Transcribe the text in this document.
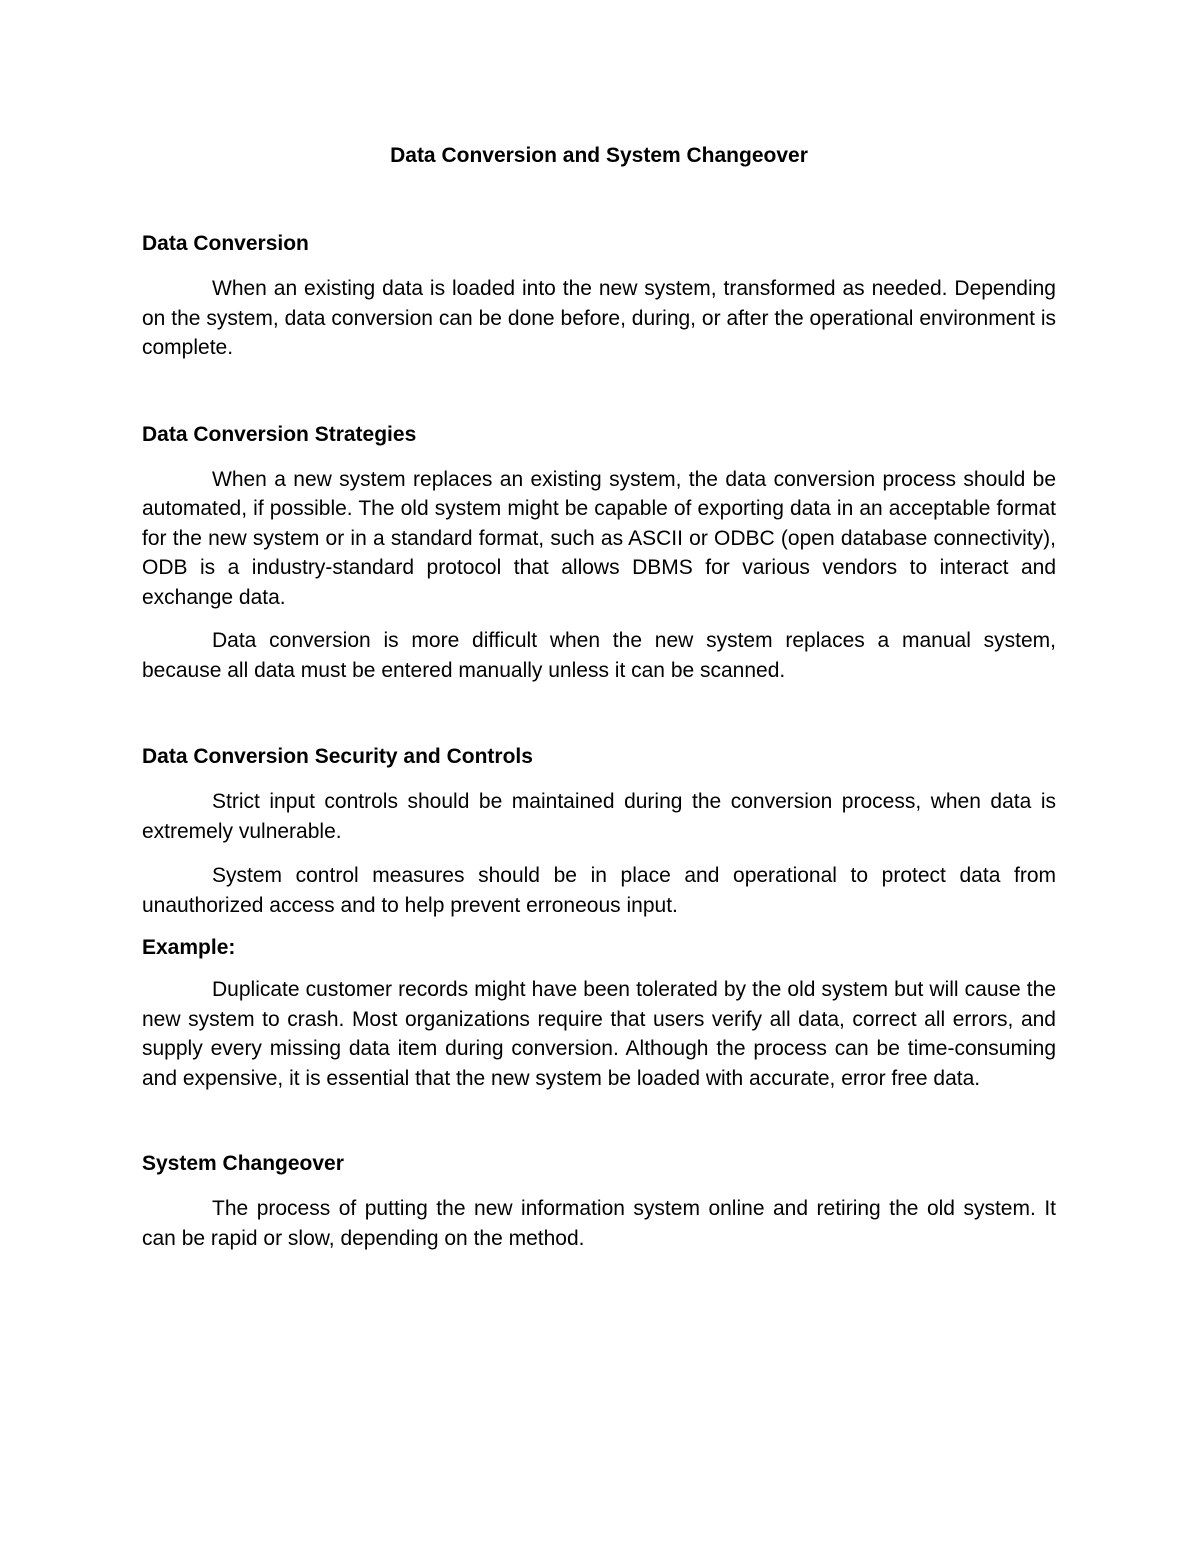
Data Conversion and System Changeover
Data Conversion

When an existing data is loaded into the new system, transformed as needed. Depending on the system, data conversion can be done before, during, or after the operational environment is complete.

Data Conversion Strategies

When a new system replaces an existing system, the data conversion process should be automated, if possible. The old system might be capable of exporting data in an acceptable format for the new system or in a standard format, such as ASCII or ODBC (open database connectivity), ODB is a industry-standard protocol that allows DBMS for various vendors to interact and exchange data.

Data conversion is more difficult when the new system replaces a manual system, because all data must be entered manually unless it can be scanned.

Data Conversion Security and Controls

Strict input controls should be maintained during the conversion process, when data is extremely vulnerable.

System control measures should be in place and operational to protect data from unauthorized access and to help prevent erroneous input.

Example:

Duplicate customer records might have been tolerated by the old system but will cause the new system to crash. Most organizations require that users verify all data, correct all errors, and supply every missing data item during conversion. Although the process can be time-consuming and expensive, it is essential that the new system be loaded with accurate, error free data.

System Changeover

The process of putting the new information system online and retiring the old system. It can be rapid or slow, depending on the method.
